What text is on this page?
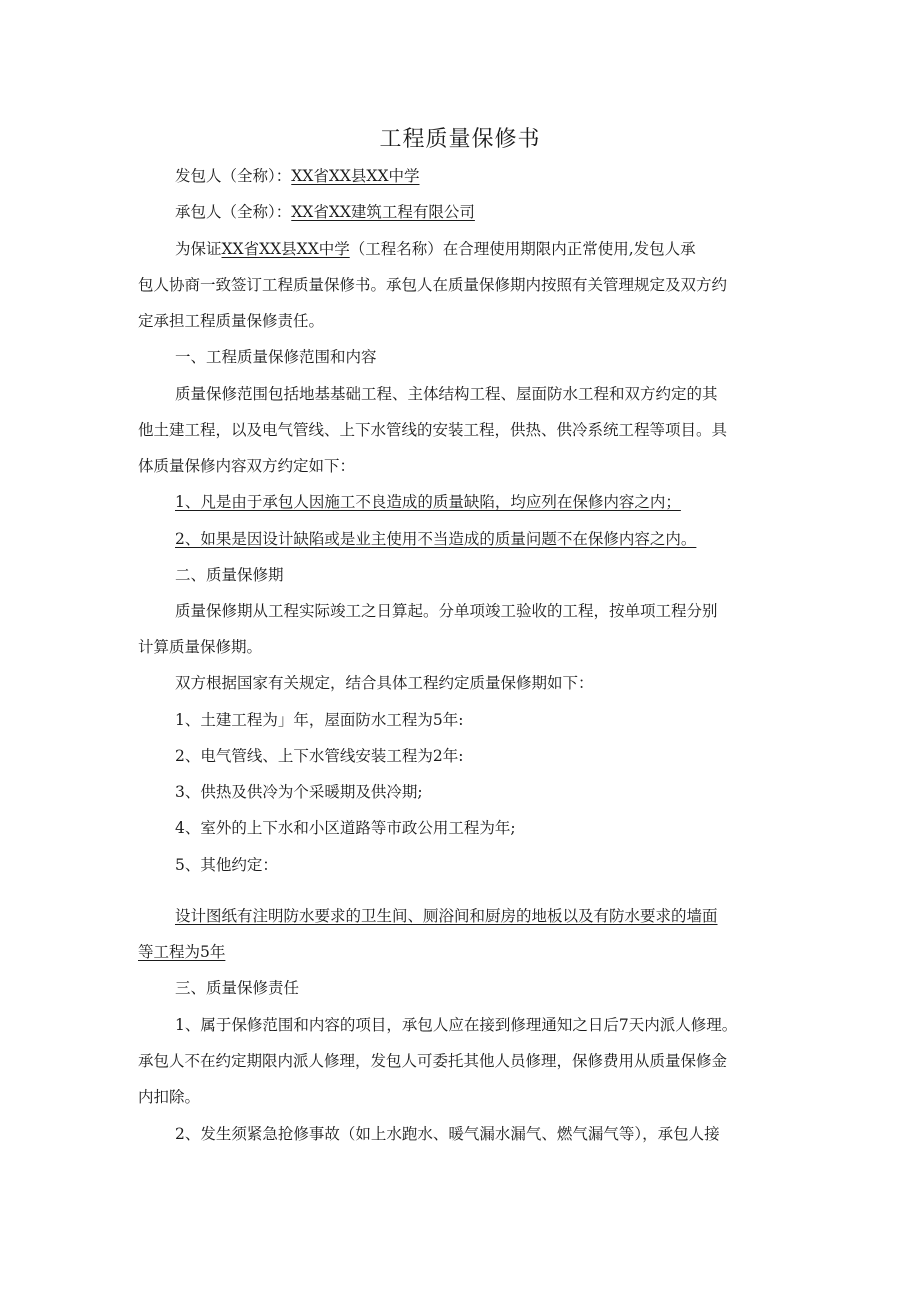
工程质量保修书
发包人（全称）：XX省XX县XX中学
承包人（全称）：XX省XX建筑工程有限公司
为保证XX省XX县XX中学（工程名称）在合理使用期限内正常使用,发包人承
包人协商一致签订工程质量保修书。承包人在质量保修期内按照有关管理规定及双方约
定承担工程质量保修责任。
一、工程质量保修范围和内容
质量保修范围包括地基基础工程、主体结构工程、屋面防水工程和双方约定的其
他土建工程，以及电气管线、上下水管线的安装工程，供热、供冷系统工程等项目。具
体质量保修内容双方约定如下：
1、凡是由于承包人因施工不良造成的质量缺陷，均应列在保修内容之内；
2、如果是因设计缺陷或是业主使用不当造成的质量问题不在保修内容之内。
二、质量保修期
质量保修期从工程实际竣工之日算起。分单项竣工验收的工程，按单项工程分别
计算质量保修期。
双方根据国家有关规定，结合具体工程约定质量保修期如下：
1、土建工程为」年，屋面防水工程为5年:
2、电气管线、上下水管线安装工程为2年:
3、供热及供冷为个采暖期及供冷期;
4、室外的上下水和小区道路等市政公用工程为年;
5、其他约定：
设计图纸有注明防水要求的卫生间、厕浴间和厨房的地板以及有防水要求的墙面
等工程为5年
三、质量保修责任
1、属于保修范围和内容的项目，承包人应在接到修理通知之日后7天内派人修理。
承包人不在约定期限内派人修理，发包人可委托其他人员修理，保修费用从质量保修金
内扣除。
2、发生须紧急抢修事故（如上水跑水、暖气漏水漏气、燃气漏气等），承包人接
